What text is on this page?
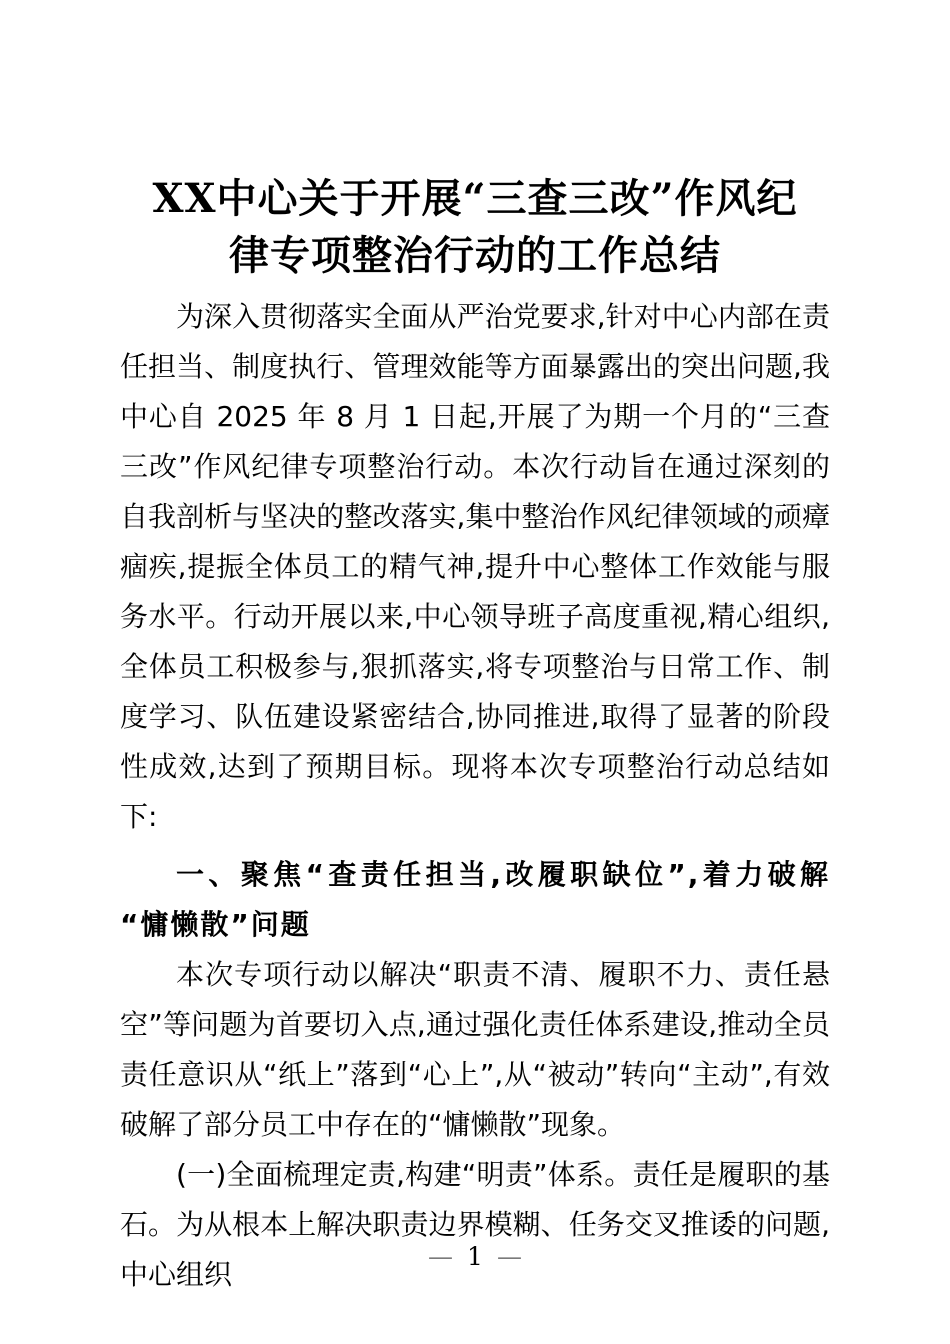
XX中心关于开展“三查三改”作风纪
律专项整治行动的工作总结

为深入贯彻落实全面从严治党要求,针对中心内部在责任担当、制度执行、管理效能等方面暴露出的突出问题,我中心自 2025 年 8 月 1 日起,开展了为期一个月的“三查三改”作风纪律专项整治行动。本次行动旨在通过深刻的自我剖析与坚决的整改落实,集中整治作风纪律领域的顽瘴痼疾,提振全体员工的精气神,提升中心整体工作效能与服务水平。行动开展以来,中心领导班子高度重视,精心组织,全体员工积极参与,狠抓落实,将专项整治与日常工作、制度学习、队伍建设紧密结合,协同推进,取得了显著的阶段性成效,达到了预期目标。现将本次专项整治行动总结如下:

一、聚焦“查责任担当,改履职缺位”,着力破解“慵懒散”问题

本次专项行动以解决“职责不清、履职不力、责任悬空”等问题为首要切入点,通过强化责任体系建设,推动全员责任意识从“纸上”落到“心上”,从“被动”转向“主动”,有效破解了部分员工中存在的“慵懒散”现象。

(一)全面梳理定责,构建“明责”体系。责任是履职的基石。为从根本上解决职责边界模糊、任务交叉推诿的问题,中心组织

— 1 —
